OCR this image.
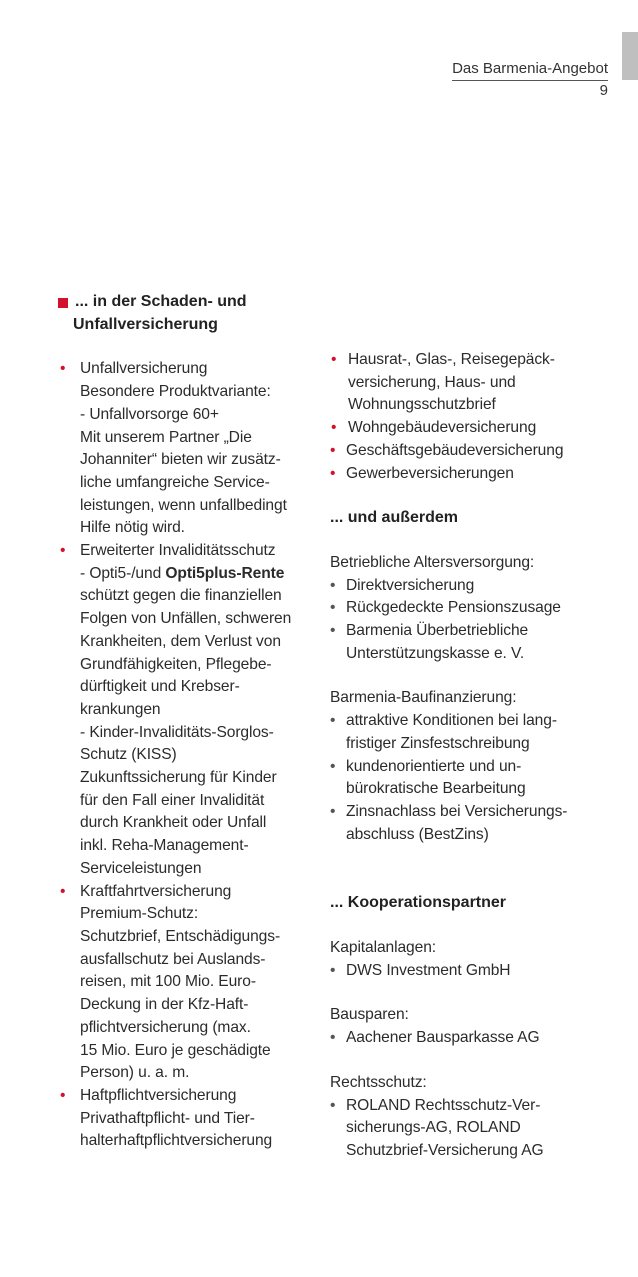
Das Barmenia-Angebot
9
... in der Schaden- und
Unfallversicherung
• Unfallversicherung
Besondere Produktvariante:
- Unfallvorsorge 60+
Mit unserem Partner „Die
Johanniter“ bieten wir zusätz-
liche umfangreiche Service-
leistungen, wenn unfallbedingt
Hilfe nötig wird.
• Erweiterter Invaliditätsschutz
- Opti5-/und Opti5plus-Rente
schützt gegen die finanziellen
Folgen von Unfällen, schweren
Krankheiten, dem Verlust von
Grundfähigkeiten, Pflegebe-
dürftigkeit und Krebser-
krankungen
- Kinder-Invaliditäts-Sorglos-
Schutz (KISS)
Zukunftssicherung für Kinder
für den Fall einer Invalidität
durch Krankheit oder Unfall
inkl. Reha-Management-
Serviceleistungen
• Kraftfahrtversicherung
Premium-Schutz:
Schutzbrief, Entschädigungs-
ausfallschutz bei Auslands-
reisen, mit 100 Mio. Euro-
Deckung in der Kfz-Haft-
pflichtversicherung (max.
15 Mio. Euro je geschädigte
Person) u. a. m.
• Haftpflichtversicherung
Privathaftpflicht- und Tier-
halterhaftpflichtversicherung
• Hausrat-, Glas-, Reisegepäck-
versicherung, Haus- und
Wohnungsschutzbrief
• Wohngebäudeversicherung
• Geschäftsgebäudeversicherung
• Gewerbeversicherungen
... und außerdem
Betriebliche Altersversorgung:
• Direktversicherung
• Rückgedeckte Pensionszusage
• Barmenia Überbetriebliche
Unterstützungskasse e. V.
Barmenia-Baufinanzierung:
• attraktive Konditionen bei lang-
fristiger Zinsfestschreibung
• kundenorientierte und un-
bürokratische Bearbeitung
• Zinsnachlass bei Versicherungs-
abschluss (BestZins)
... Kooperationspartner
Kapitalanlagen:
• DWS Investment GmbH
Bausparen:
• Aachener Bausparkasse AG
Rechtsschutz:
• ROLAND Rechtsschutz-Ver-
sicherungs-AG, ROLAND
Schutzbrief-Versicherung AG
